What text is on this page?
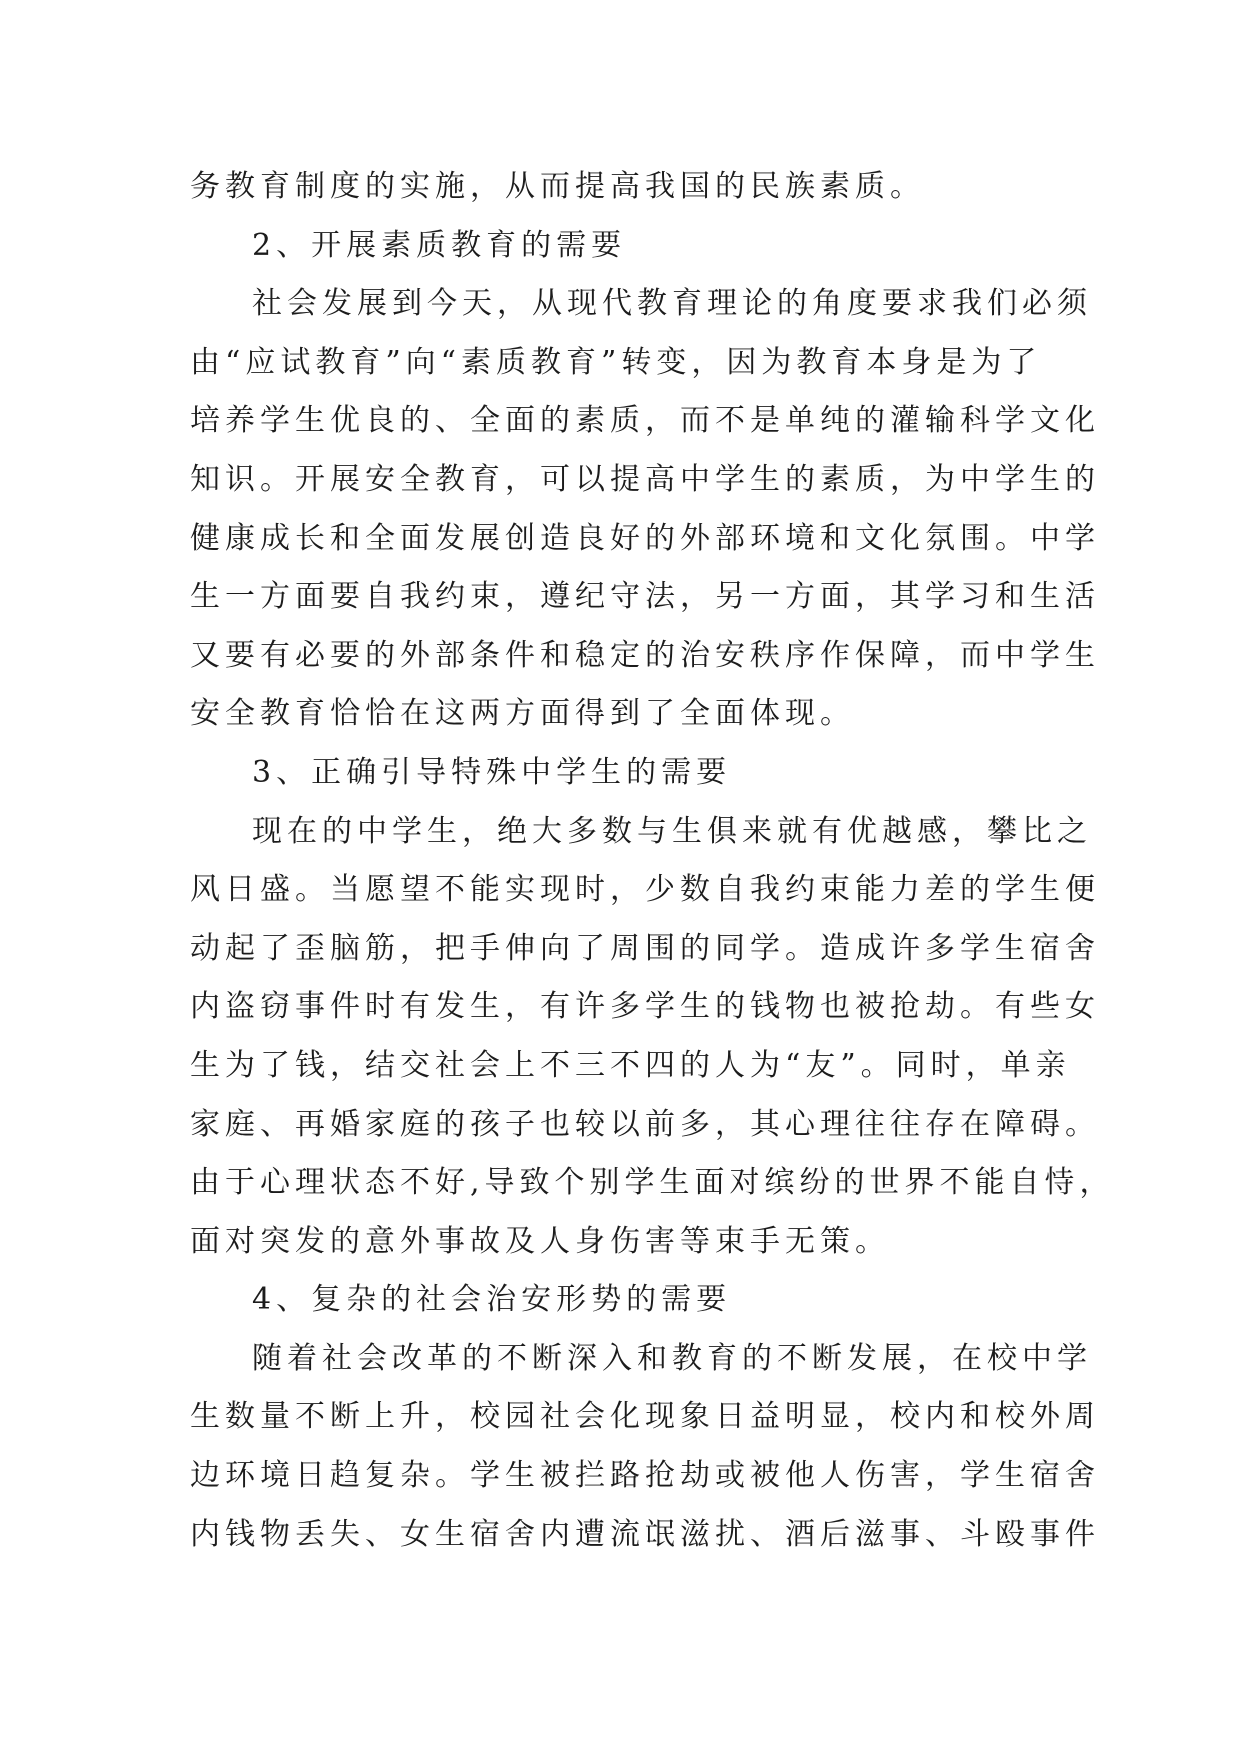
务教育制度的实施，从而提高我国的民族素质。

2、开展素质教育的需要

社会发展到今天，从现代教育理论的角度要求我们必须

由“应试教育”向“素质教育”转变，因为教育本身是为了

培养学生优良的、全面的素质，而不是单纯的灌输科学文化

知识。开展安全教育，可以提高中学生的素质，为中学生的

健康成长和全面发展创造良好的外部环境和文化氛围。中学

生一方面要自我约束，遵纪守法，另一方面，其学习和生活

又要有必要的外部条件和稳定的治安秩序作保障，而中学生

安全教育恰恰在这两方面得到了全面体现。

3、正确引导特殊中学生的需要

现在的中学生，绝大多数与生俱来就有优越感，攀比之

风日盛。当愿望不能实现时，少数自我约束能力差的学生便

动起了歪脑筋，把手伸向了周围的同学。造成许多学生宿舍

内盗窃事件时有发生，有许多学生的钱物也被抢劫。有些女

生为了钱，结交社会上不三不四的人为“友”。同时，单亲

家庭、再婚家庭的孩子也较以前多，其心理往往存在障碍。

由于心理状态不好,导致个别学生面对缤纷的世界不能自恃，

面对突发的意外事故及人身伤害等束手无策。

4、复杂的社会治安形势的需要

随着社会改革的不断深入和教育的不断发展，在校中学

生数量不断上升，校园社会化现象日益明显，校内和校外周

边环境日趋复杂。学生被拦路抢劫或被他人伤害，学生宿舍

内钱物丢失、女生宿舍内遭流氓滋扰、酒后滋事、斗殴事件
